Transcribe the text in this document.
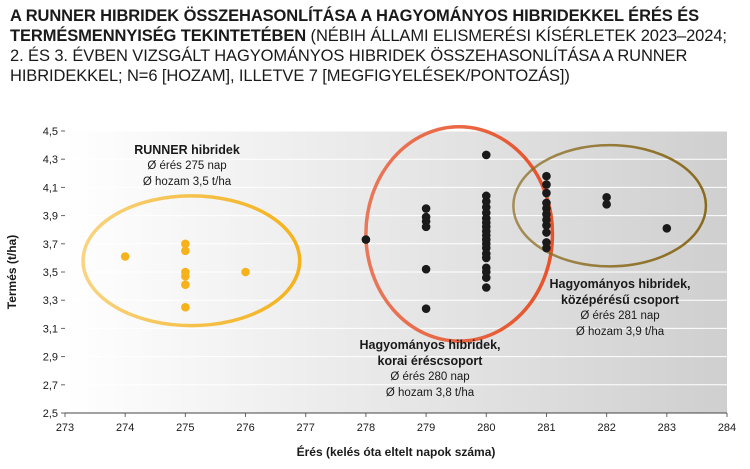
A RUNNER HIBRIDEK ÖSSZEHASONLÍTÁSA A HAGYOMÁNYOS HIBRIDEKKEL ÉRÉS ÉS TERMÉSMENNYISÉG TEKINTETÉBEN (NÉBIH ÁLLAMI ELISMERÉSI KÍSÉRLETEK 2023–2024; 2. ÉS 3. ÉVBEN VIZSGÁLT HAGYOMÁNYOS HIBRIDEK ÖSSZEHASONLÍTÁSA A RUNNER HIBRIDEKKEL; N=6 [HOZAM], ILLETVE 7 [MEGFIGYELÉSEK/PONTOZÁS])
2,5
2,7
2,9
3,1
3,3
3,5
3,7
3,9
4,1
4,3
4,5
273	274	275	276	277	278	279	280	281	282	283	284
Érés (kelés óta eltelt napok száma)
Termés (t/ha)
RUNNER hibridek
Ø érés 275 nap
Ø hozam 3,5 t/ha
Hagyományos hibridek,
korai éréscsoport
Ø érés 280 nap
Ø hozam 3,8 t/ha
Hagyományos hibridek,
középérésű csoport
Ø érés 281 nap
Ø hozam 3,9 t/ha
